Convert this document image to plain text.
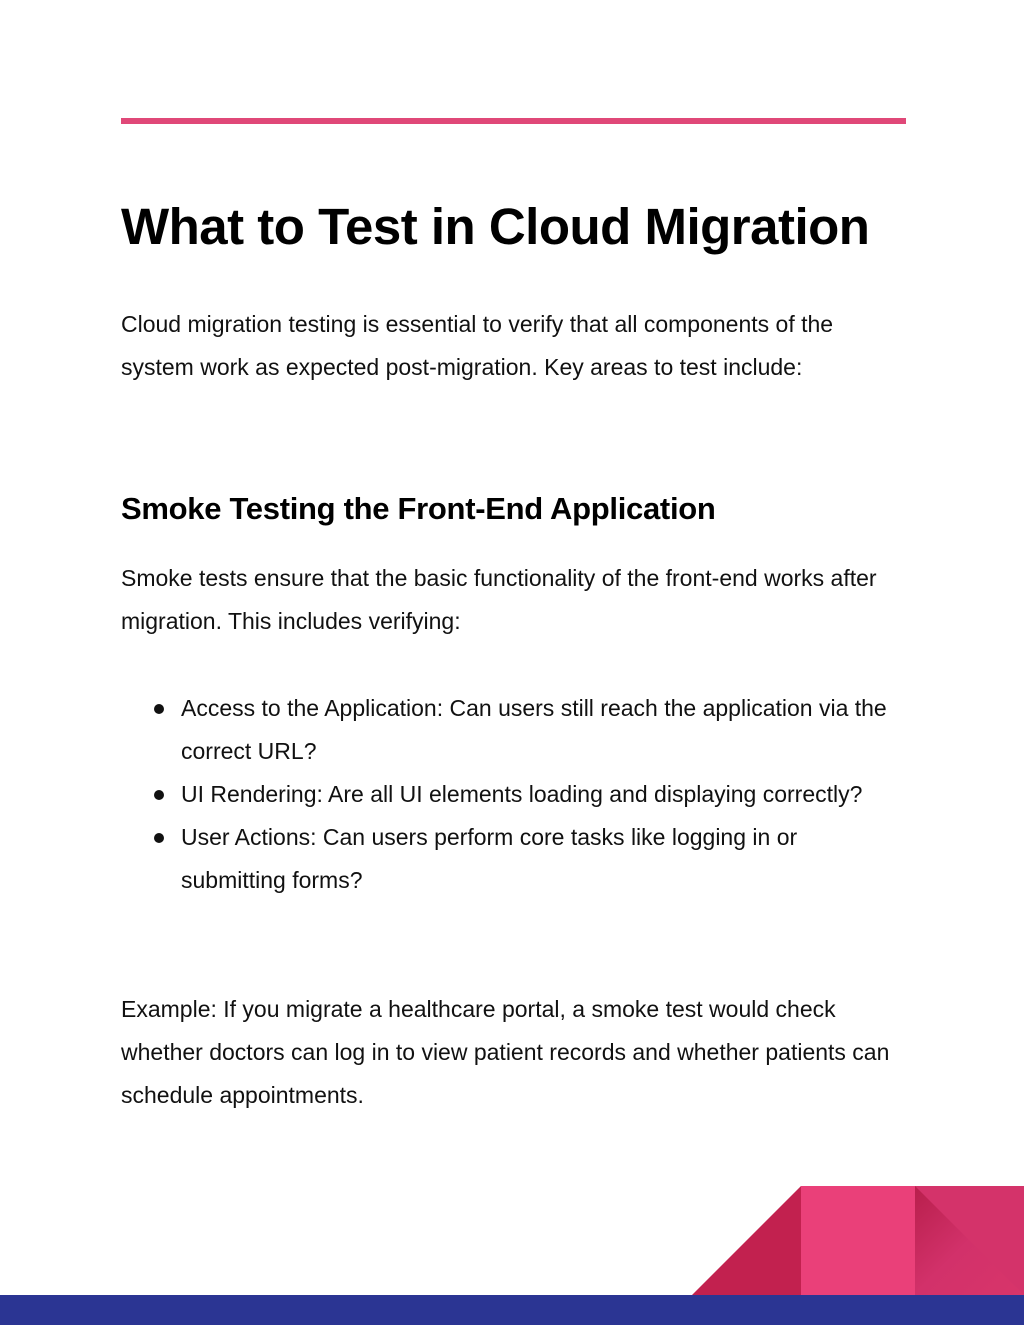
What to Test in Cloud Migration

Cloud migration testing is essential to verify that all components of the system work as expected post-migration. Key areas to test include:

Smoke Testing the Front-End Application

Smoke tests ensure that the basic functionality of the front-end works after migration. This includes verifying:

Access to the Application: Can users still reach the application via the correct URL?
UI Rendering: Are all UI elements loading and displaying correctly?
User Actions: Can users perform core tasks like logging in or submitting forms?

Example: If you migrate a healthcare portal, a smoke test would check whether doctors can log in to view patient records and whether patients can schedule appointments.
